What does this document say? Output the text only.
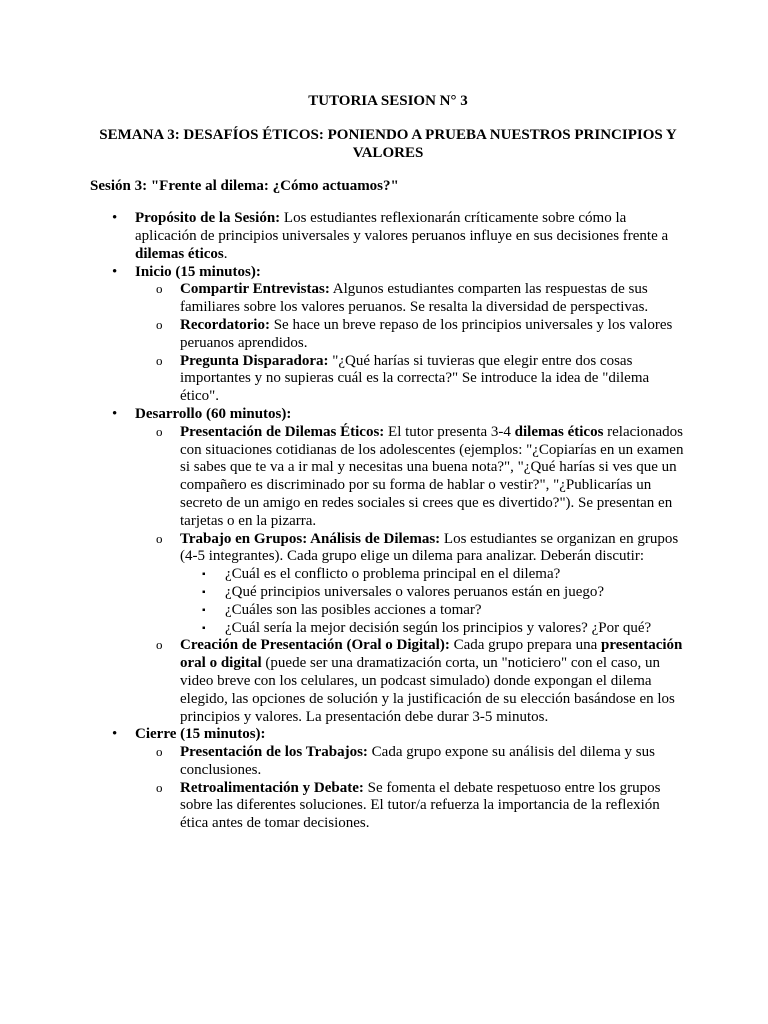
TUTORIA SESION N° 3
SEMANA 3: DESAFÍOS ÉTICOS: PONIENDO A PRUEBA NUESTROS PRINCIPIOS Y VALORES
Sesión 3: "Frente al dilema: ¿Cómo actuamos?"
• Propósito de la Sesión: Los estudiantes reflexionarán críticamente sobre cómo la aplicación de principios universales y valores peruanos influye en sus decisiones frente a dilemas éticos.
• Inicio (15 minutos):
o Compartir Entrevistas: Algunos estudiantes comparten las respuestas de sus familiares sobre los valores peruanos. Se resalta la diversidad de perspectivas.
o Recordatorio: Se hace un breve repaso de los principios universales y los valores peruanos aprendidos.
o Pregunta Disparadora: "¿Qué harías si tuvieras que elegir entre dos cosas importantes y no supieras cuál es la correcta?" Se introduce la idea de "dilema ético".
• Desarrollo (60 minutos):
o Presentación de Dilemas Éticos: El tutor presenta 3-4 dilemas éticos relacionados con situaciones cotidianas de los adolescentes (ejemplos: "¿Copiarías en un examen si sabes que te va a ir mal y necesitas una buena nota?", "¿Qué harías si ves que un compañero es discriminado por su forma de hablar o vestir?", "¿Publicarías un secreto de un amigo en redes sociales si crees que es divertido?"). Se presentan en tarjetas o en la pizarra.
o Trabajo en Grupos: Análisis de Dilemas: Los estudiantes se organizan en grupos (4-5 integrantes). Cada grupo elige un dilema para analizar. Deberán discutir:
▪ ¿Cuál es el conflicto o problema principal en el dilema?
▪ ¿Qué principios universales o valores peruanos están en juego?
▪ ¿Cuáles son las posibles acciones a tomar?
▪ ¿Cuál sería la mejor decisión según los principios y valores? ¿Por qué?
o Creación de Presentación (Oral o Digital): Cada grupo prepara una presentación oral o digital (puede ser una dramatización corta, un "noticiero" con el caso, un video breve con los celulares, un podcast simulado) donde expongan el dilema elegido, las opciones de solución y la justificación de su elección basándose en los principios y valores. La presentación debe durar 3-5 minutos.
• Cierre (15 minutos):
o Presentación de los Trabajos: Cada grupo expone su análisis del dilema y sus conclusiones.
o Retroalimentación y Debate: Se fomenta el debate respetuoso entre los grupos sobre las diferentes soluciones. El tutor/a refuerza la importancia de la reflexión ética antes de tomar decisiones.
